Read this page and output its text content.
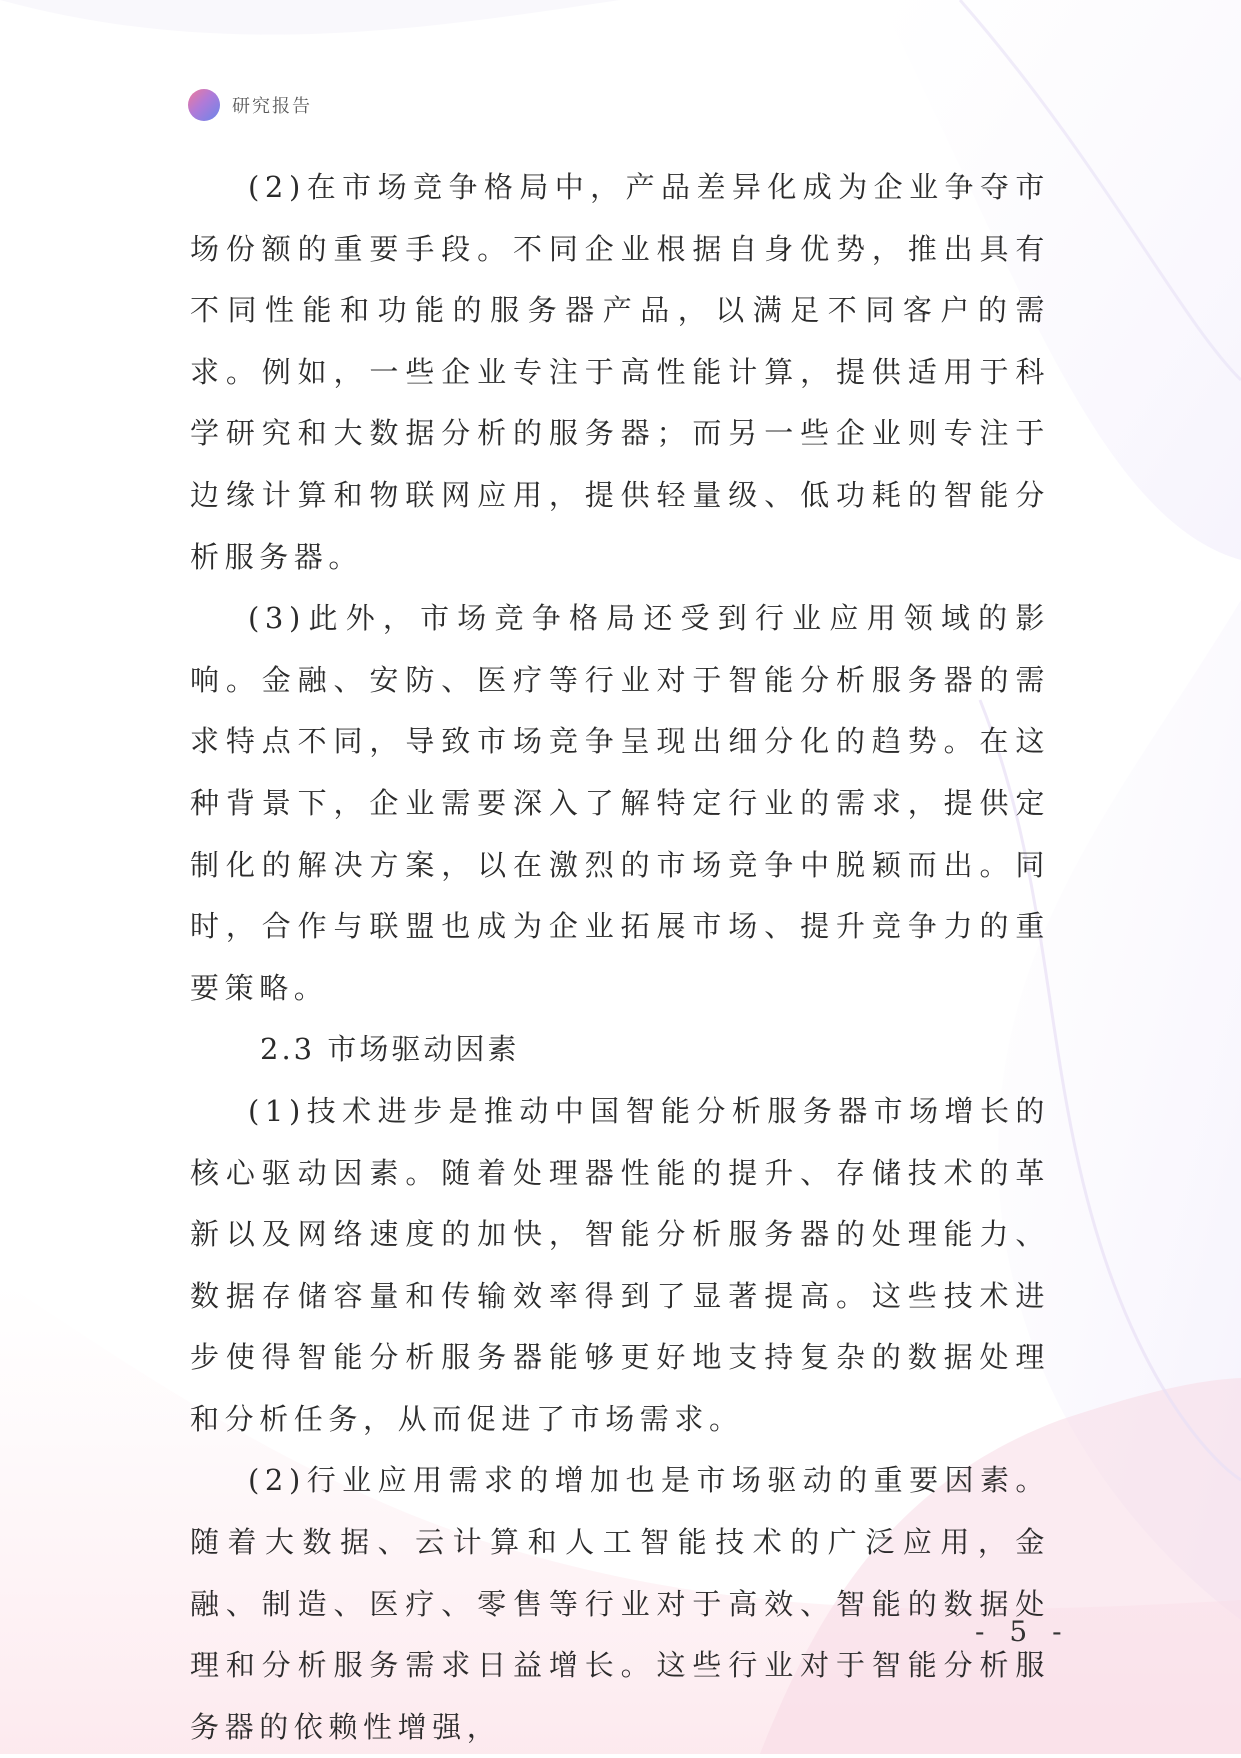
研究报告

(2)在市场竞争格局中，产品差异化成为企业争夺市场份额的重要手段。不同企业根据自身优势，推出具有不同性能和功能的服务器产品，以满足不同客户的需求。例如，一些企业专注于高性能计算，提供适用于科学研究和大数据分析的服务器；而另一些企业则专注于边缘计算和物联网应用，提供轻量级、低功耗的智能分析服务器。

(3)此外，市场竞争格局还受到行业应用领域的影响。金融、安防、医疗等行业对于智能分析服务器的需求特点不同，导致市场竞争呈现出细分化的趋势。在这种背景下，企业需要深入了解特定行业的需求，提供定制化的解决方案，以在激烈的市场竞争中脱颖而出。同时，合作与联盟也成为企业拓展市场、提升竞争力的重要策略。

2.3 市场驱动因素

(1)技术进步是推动中国智能分析服务器市场增长的核心驱动因素。随着处理器性能的提升、存储技术的革新以及网络速度的加快，智能分析服务器的处理能力、数据存储容量和传输效率得到了显著提高。这些技术进步使得智能分析服务器能够更好地支持复杂的数据处理和分析任务，从而促进了市场需求。

(2)行业应用需求的增加也是市场驱动的重要因素。随着大数据、云计算和人工智能技术的广泛应用，金融、制造、医疗、零售等行业对于高效、智能的数据处理和分析服务需求日益增长。这些行业对于智能分析服务器的依赖性增强，

- 5 -
